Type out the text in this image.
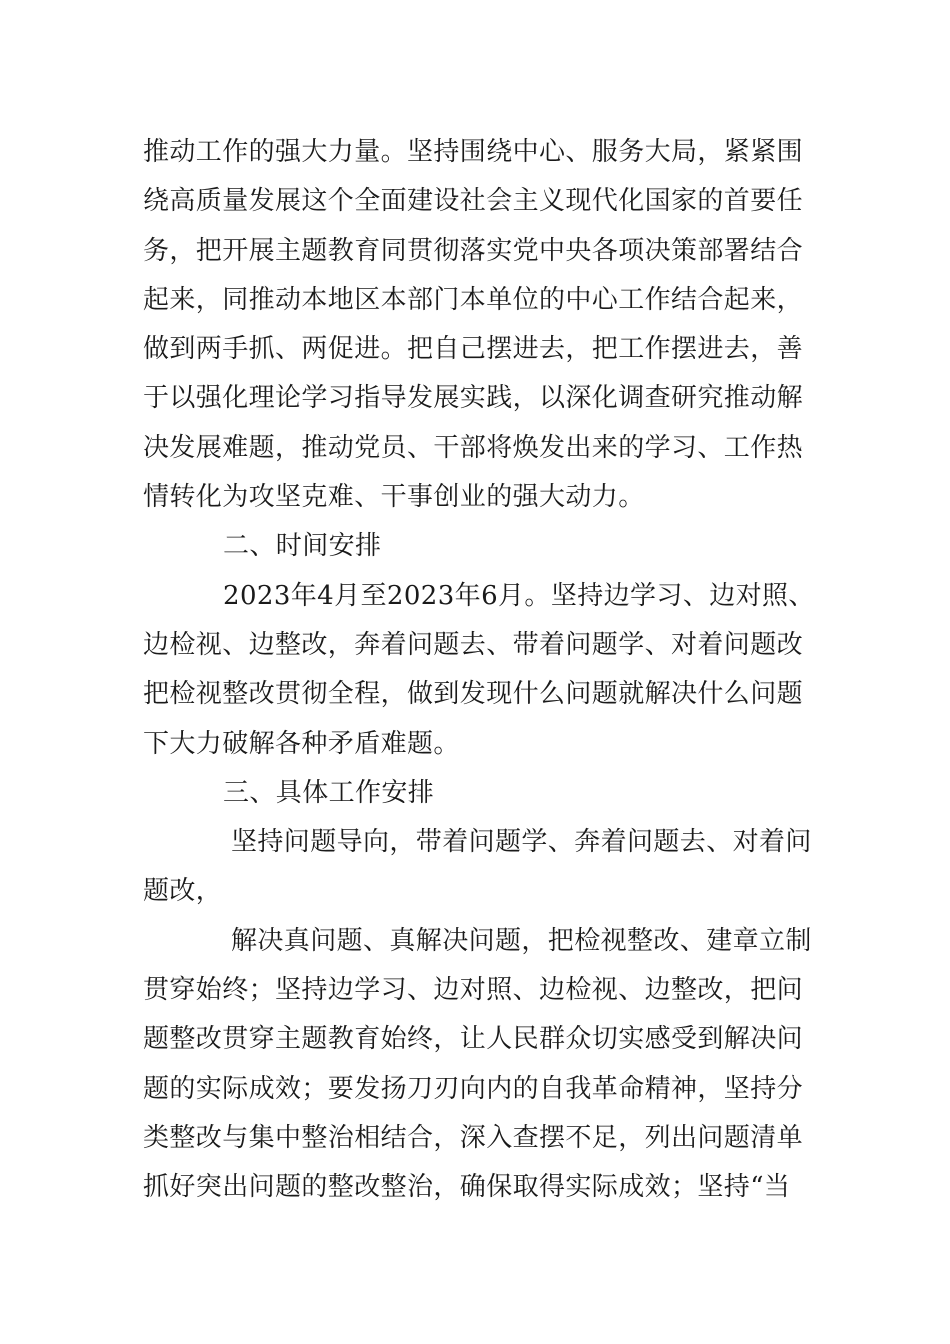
推动工作的强大力量。坚持围绕中心、服务大局，紧紧围
绕高质量发展这个全面建设社会主义现代化国家的首要任
务，把开展主题教育同贯彻落实党中央各项决策部署结合
起来，同推动本地区本部门本单位的中心工作结合起来，
做到两手抓、两促进。把自己摆进去，把工作摆进去，善
于以强化理论学习指导发展实践，以深化调查研究推动解
决发展难题，推动党员、干部将焕发出来的学习、工作热
情转化为攻坚克难、干事创业的强大动力。
二、时间安排
2023年4月至2023年6月。坚持边学习、边对照、
边检视、边整改，奔着问题去、带着问题学、对着问题改
把检视整改贯彻全程，做到发现什么问题就解决什么问题
下大力破解各种矛盾难题。
三、具体工作安排
坚持问题导向，带着问题学、奔着问题去、对着问
题改，
解决真问题、真解决问题，把检视整改、建章立制
贯穿始终；坚持边学习、边对照、边检视、边整改，把问
题整改贯穿主题教育始终，让人民群众切实感受到解决问
题的实际成效；要发扬刀刃向内的自我革命精神，坚持分
类整改与集中整治相结合，深入查摆不足，列出问题清单
抓好突出问题的整改整治，确保取得实际成效；坚持“当
